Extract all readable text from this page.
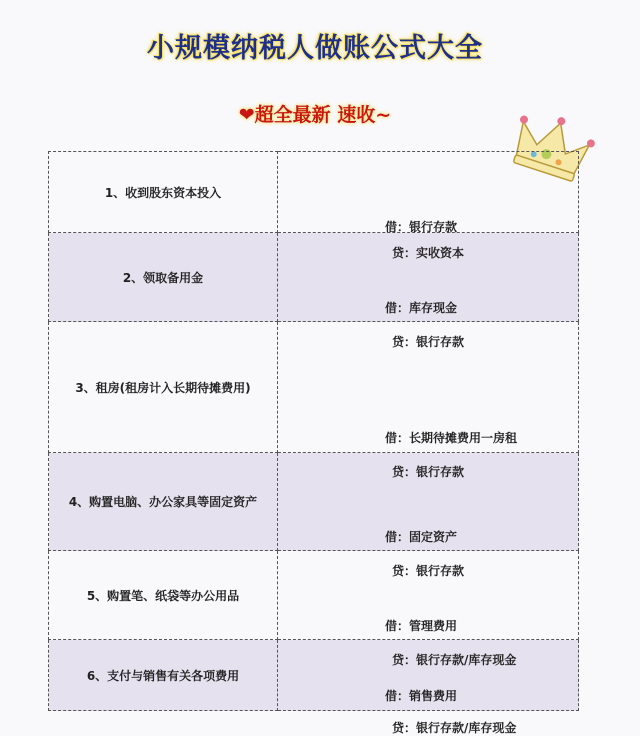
小规模纳税人做账公式大全
❤超全最新 速收~
1、收到股东资本投入	借：银行存款
贷：实收资本

2、领取备用金	借：库存现金
贷：银行存款

3、租房(租房计入长期待摊费用)	借：长期待摊费用一房租
贷：银行存款

4、购置电脑、办公家具等固定资产	借：固定资产
贷：银行存款

5、购置笔、纸袋等办公用品	借：管理费用
贷：银行存款/库存现金

6、支付与销售有关各项费用	借：销售费用
贷：银行存款/库存现金
